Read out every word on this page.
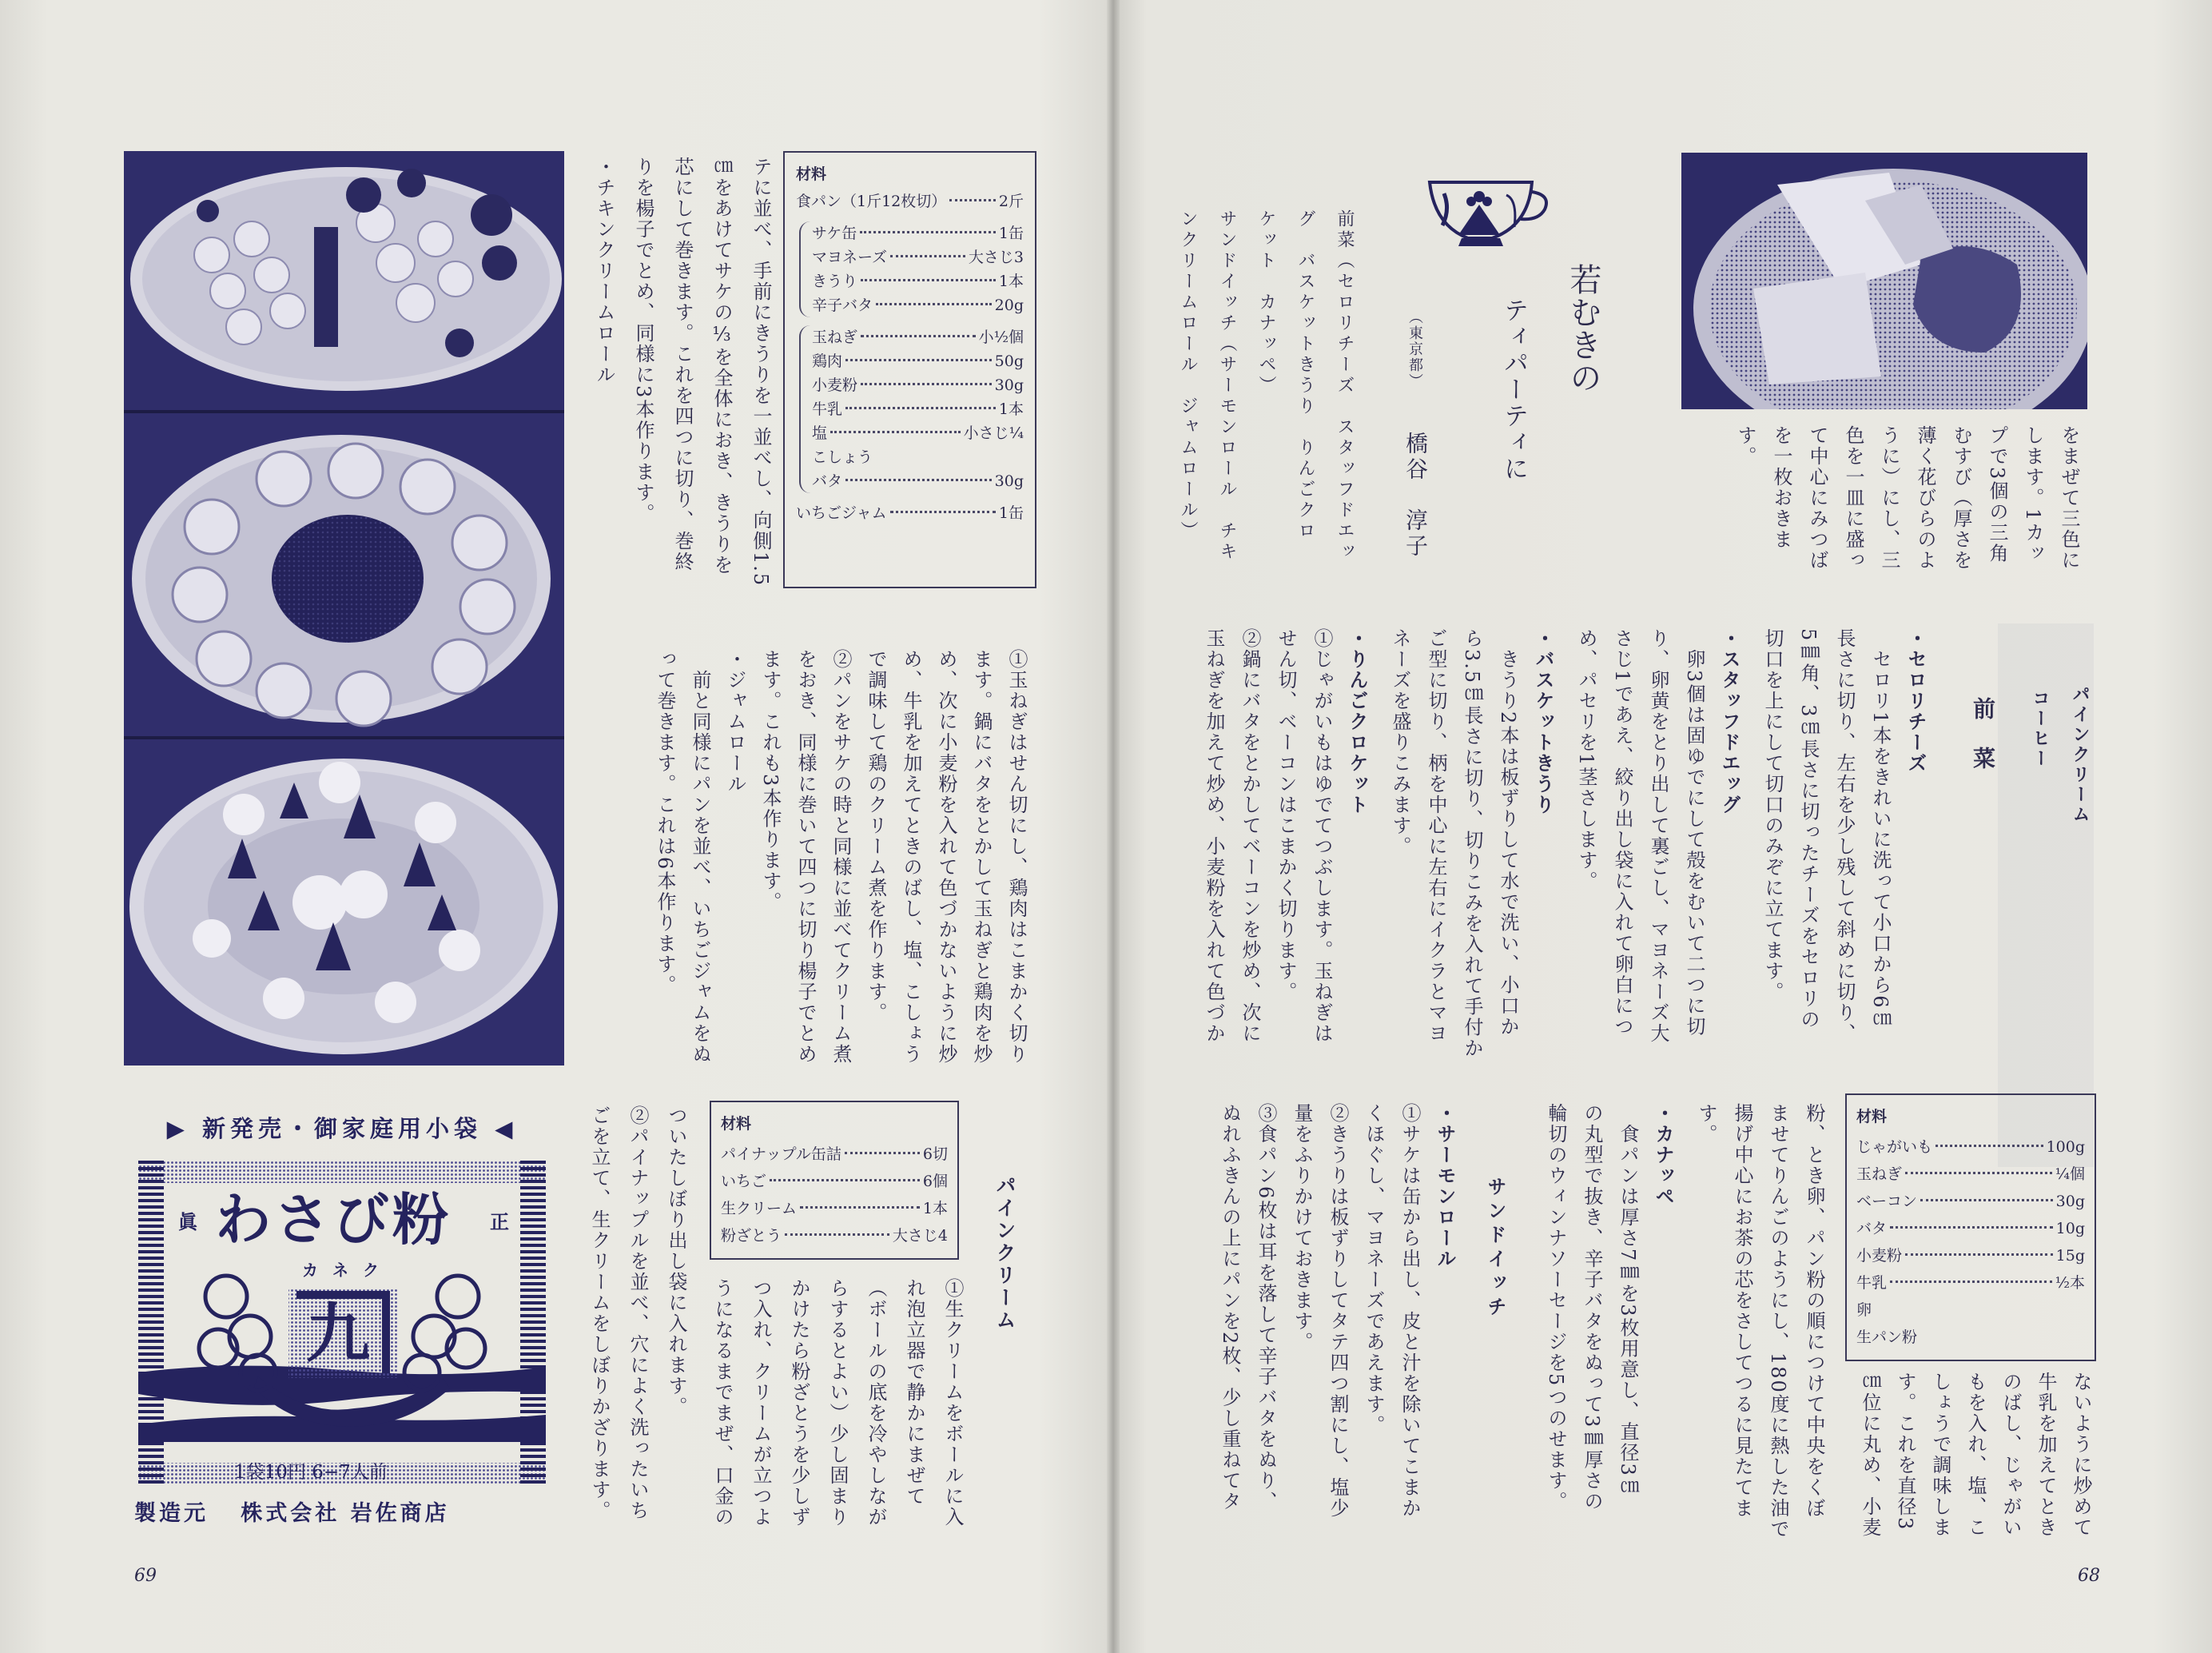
テに並べ、手前にきうりを一並べし、向側1.5
㎝をあけてサケの⅓を全体におき、きうりを
芯にして巻きます。これを四つに切り、巻終
りを楊子でとめ、同様に3本作ります。
・チキンクリームロール	材料
食パン（1斤12枚切）	2斤
サケ缶	1缶
マヨネーズ	大さじ3
きうり	1本
辛子バタ	20g
玉ねぎ	小½個
鶏肉	50g
小麦粉	30g
牛乳	1本
塩	小さじ¼
こしょう
バタ	30g
いちごジャム	1缶
①玉ねぎはせん切にし、鶏肉はこまかく切り
ます。鍋にバタをとかして玉ねぎと鶏肉を炒
め、次に小麦粉を入れて色づかないように炒
め、牛乳を加えてときのばし、塩、こしょう
で調味して鶏のクリーム煮を作ります。
②パンをサケの時と同様に並べてクリーム煮
をおき、同様に巻いて四つに切り楊子でとめ
ます。これも3本作ります。
・ジャムロール
　前と同様にパンを並べ、いちごジャムをぬ
って巻きます。これは6本作ります。
パインクリーム
材料
パイナップル缶詰	6切
いちご	6個
生クリーム	1本
粉ざとう	大さじ4
①生クリームをボールに入
れ泡立器で静かにまぜて
（ボールの底を冷やしなが
らするとよい）少し固まり
かけたら粉ざとうを少しず
つ入れ、クリームが立つよ
うになるまでまぜ、口金の
ついたしぼり出し袋に入れます。
②パイナップルを並べ、穴によく洗ったいち
ごを立て、生クリームをしぼりかざります。
▶ 新発売・御家庭用小袋 ◀
眞 わさび粉 正
カネク
九
1袋10円 6−7人前
製造元 株式会社 岩佐商店
69
若むきの
ティパーティに
（東京都）
橋谷　淳子
前菜（セロリチーズ　スタッフドエッ
グ　バスケットきうり　りんごクロ
ケット　カナッペ）
サンドイッチ（サーモンロール　チキ
ンクリームロール　ジャムロール）	をまぜて三色に
します。1カッ
プで3個の三角
むすび（厚さを
薄く花びらのよ
うに）にし、三
色を一皿に盛っ
て中心にみつば
を一枚おきま
す。
パインクリーム
コーヒー
前　菜
・セロリチーズ
　セロリ1本をきれいに洗って小口から6㎝
長さに切り、左右を少し残して斜めに切り、
5㎜角、3㎝長さに切ったチーズをセロリの
切口を上にして切口のみぞに立てます。
・スタッフドエッグ
　卵3個は固ゆでにして殻をむいて二つに切
り、卵黄をとり出して裏ごし、マヨネーズ大
さじ1であえ、絞り出し袋に入れて卵白につ
め、パセリを1茎さします。
・バスケットきうり
　きうり2本は板ずりして水で洗い、小口か
ら3.5㎝長さに切り、切りこみを入れて手付か
ご型に切り、柄を中心に左右にイクラとマヨ
ネーズを盛りこみます。
・りんごクロケット
①じゃがいもはゆでてつぶします。玉ねぎは
せん切、ベーコンはこまかく切ります。
②鍋にバタをとかしてベーコンを炒め、次に
玉ねぎを加えて炒め、小麦粉を入れて色づか
材料
じゃがいも	100g
玉ねぎ	¼個
ベーコン	30g
バタ	10g
小麦粉	15g
牛乳	½本
卵
生パン粉
ないように炒めて
牛乳を加えてとき
のばし、じゃがい
もを入れ、塩、こ
しょうで調味しま
す。これを直径3
㎝位に丸め、小麦
粉、とき卵、パン粉の順につけて中央をくぼ
ませてりんごのようにし、180度に熱した油で
揚げ中心にお茶の芯をさしてつるに見たてま
す。
・カナッペ
　食パンは厚さ7㎜を3枚用意し、直径3㎝
の丸型で抜き、辛子バタをぬって3㎜厚さの
輪切のウィンナソーセージを5つのせます。
サンドイッチ
・サーモンロール
①サケは缶から出し、皮と汁を除いてこまか
くほぐし、マヨネーズであえます。
②きうりは板ずりしてタテ四つ割にし、塩少
量をふりかけておきます。
③食パン6枚は耳を落して辛子バタをぬり、
ぬれふきんの上にパンを2枚、少し重ねてタ
68
